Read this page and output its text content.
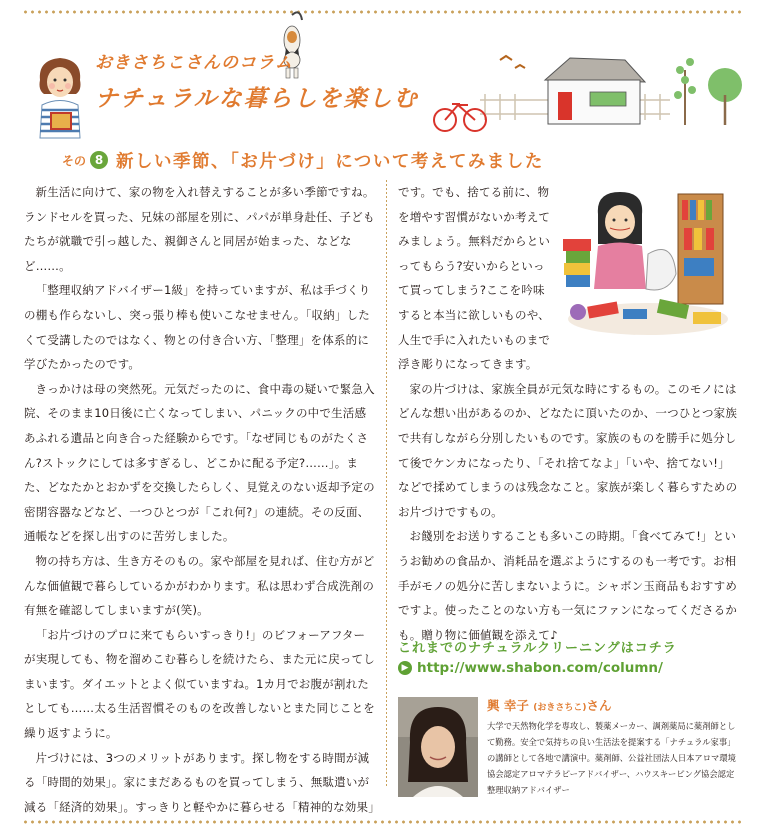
おきさちこさんのコラム
ナチュラルな暮らしを楽しむ
その 8 新しい季節、「お片づけ」について考えてみました

新生活に向けて、家の物を入れ替えすることが多い季節ですね。ランドセルを買った、兄妹の部屋を別に、パパが単身赴任、子どもたちが就職で引っ越した、親御さんと同居が始まった、などなど……。

「整理収納アドバイザー1級」を持っていますが、私は手づくりの棚も作らないし、突っ張り棒も使いこなせません。「収納」したくて受講したのではなく、物との付き合い方、「整理」を体系的に学びたかったのです。

きっかけは母の突然死。元気だったのに、食中毒の疑いで緊急入院、そのまま10日後に亡くなってしまい、パニックの中で生活感あふれる遺品と向き合った経験からです。「なぜ同じものがたくさん?ストックにしては多すぎるし、どこかに配る予定?……」。また、どなたかとおかずを交換したらしく、見覚えのない返却予定の密閉容器などなど、一つひとつが「これ何?」の連続。その反面、通帳などを探し出すのに苦労しました。

物の持ち方は、生き方そのもの。家や部屋を見れば、住む方がどんな価値観で暮らしているかがわかります。私は思わず合成洗剤の有無を確認してしまいますが(笑)。

「お片づけのプロに来てもらいすっきり!」のビフォーアフターが実現しても、物を溜めこむ暮らしを続けたら、また元に戻ってしまいます。ダイエットとよく似ていますね。1カ月でお腹が割れたとしても……太る生活習慣そのものを改善しないとまた同じことを繰り返すように。

片づけには、3つのメリットがあります。探し物をする時間が減る「時間的効果」。家にまだあるものを買ってしまう、無駄遣いが減る「経済的効果」。すっきりと軽やかに暮らせる「精神的な効果」

です。でも、捨てる前に、物を増やす習慣がないか考えてみましょう。無料だからといってもらう?安いからといって買ってしまう?ここを吟味すると本当に欲しいものや、人生で手に入れたいものまで浮き彫りになってきます。

家の片づけは、家族全員が元気な時にするもの。このモノにはどんな想い出があるのか、どなたに頂いたのか、一つひとつ家族で共有しながら分別したいものです。家族のものを勝手に処分して後でケンカになったり、「それ捨てなよ」「いや、捨てない!」などで揉めてしまうのは残念なこと。家族が楽しく暮らすためのお片づけですもの。

お餞別をお送りすることも多いこの時期。「食べてみて!」というお勧めの食品か、消耗品を選ぶようにするのも一考です。お相手がモノの処分に苦しまないように。シャボン玉商品もおすすめですよ。使ったことのない方も一気にファンになってくださるかも。贈り物に価値観を添えて♪

これまでのナチュラルクリーニングはコチラ
▶ http://www.shabon.com/column/
興 幸子 (おきさちこ)さん
大学で天然物化学を専攻し、製薬メーカー、調剤薬局に薬剤師として勤務。安全で気持ちの良い生活法を提案する「ナチュラル家事」の講師として各地で講演中。薬剤師、公益社団法人日本アロマ環境協会認定アロマテラピーアドバイザー、ハウスキーピング協会認定整理収納アドバイザー
